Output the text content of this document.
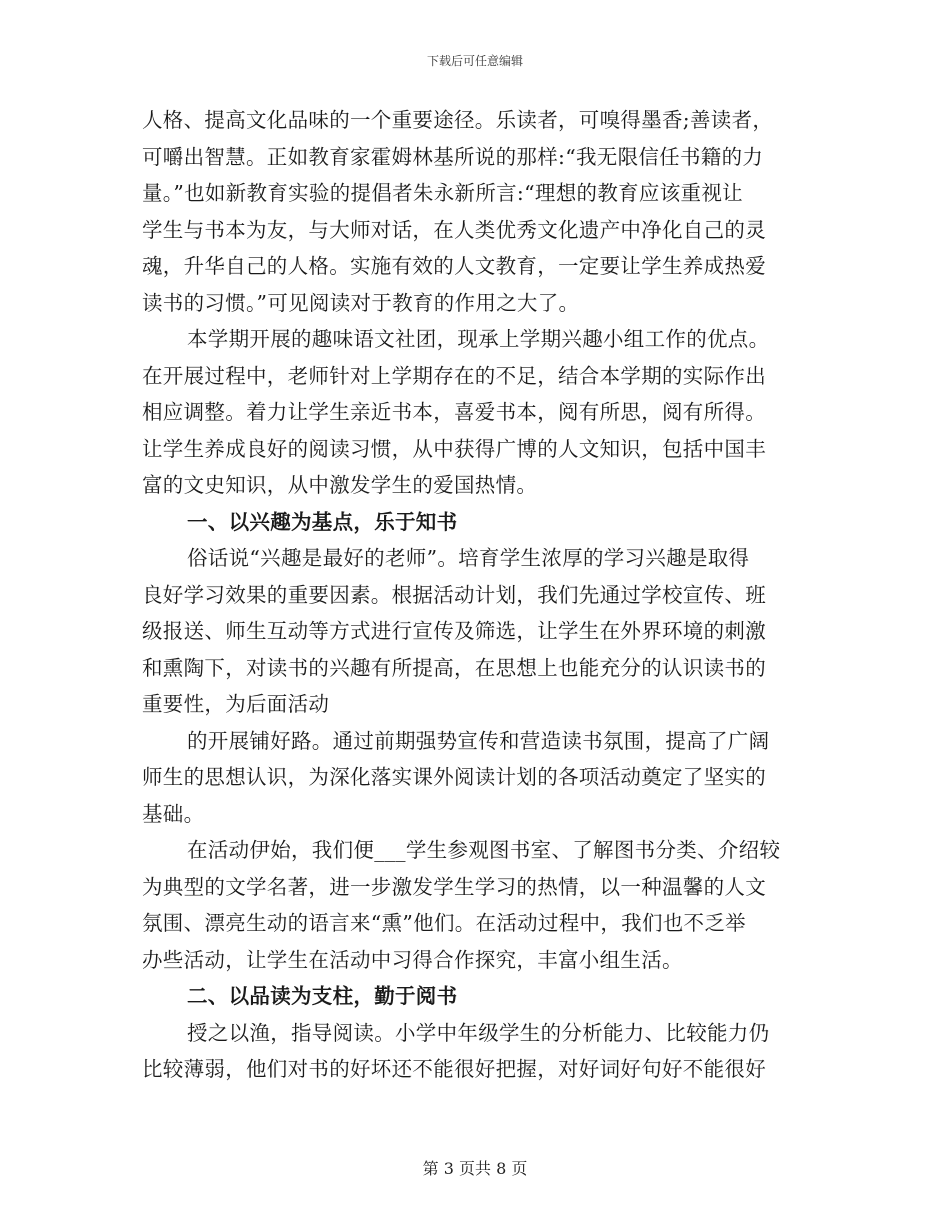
下载后可任意编辑
人格、提高文化品味的一个重要途径。乐读者，可嗅得墨香;善读者，
可嚼出智慧。正如教育家霍姆林基所说的那样:“我无限信任书籍的力
量。”也如新教育实验的提倡者朱永新所言:“理想的教育应该重视让
学生与书本为友，与大师对话，在人类优秀文化遗产中净化自己的灵
魂，升华自己的人格。实施有效的人文教育，一定要让学生养成热爱
读书的习惯。”可见阅读对于教育的作用之大了。
本学期开展的趣味语文社团，现承上学期兴趣小组工作的优点。
在开展过程中，老师针对上学期存在的不足，结合本学期的实际作出
相应调整。着力让学生亲近书本，喜爱书本，阅有所思，阅有所得。
让学生养成良好的阅读习惯，从中获得广博的人文知识，包括中国丰
富的文史知识，从中激发学生的爱国热情。
一、以兴趣为基点，乐于知书
俗话说“兴趣是最好的老师”。培育学生浓厚的学习兴趣是取得
良好学习效果的重要因素。根据活动计划，我们先通过学校宣传、班
级报送、师生互动等方式进行宣传及筛选，让学生在外界环境的刺激
和熏陶下，对读书的兴趣有所提高，在思想上也能充分的认识读书的
重要性，为后面活动
的开展铺好路。通过前期强势宣传和营造读书氛围，提高了广阔
师生的思想认识，为深化落实课外阅读计划的各项活动奠定了坚实的
基础。
在活动伊始，我们便___学生参观图书室、了解图书分类、介绍较
为典型的文学名著，进一步激发学生学习的热情，以一种温馨的人文
氛围、漂亮生动的语言来“熏”他们。在活动过程中，我们也不乏举
办些活动，让学生在活动中习得合作探究，丰富小组生活。
二、以品读为支柱，勤于阅书
授之以渔，指导阅读。小学中年级学生的分析能力、比较能力仍
比较薄弱，他们对书的好坏还不能很好把握，对好词好句好不能很好
第 3 页共 8 页
